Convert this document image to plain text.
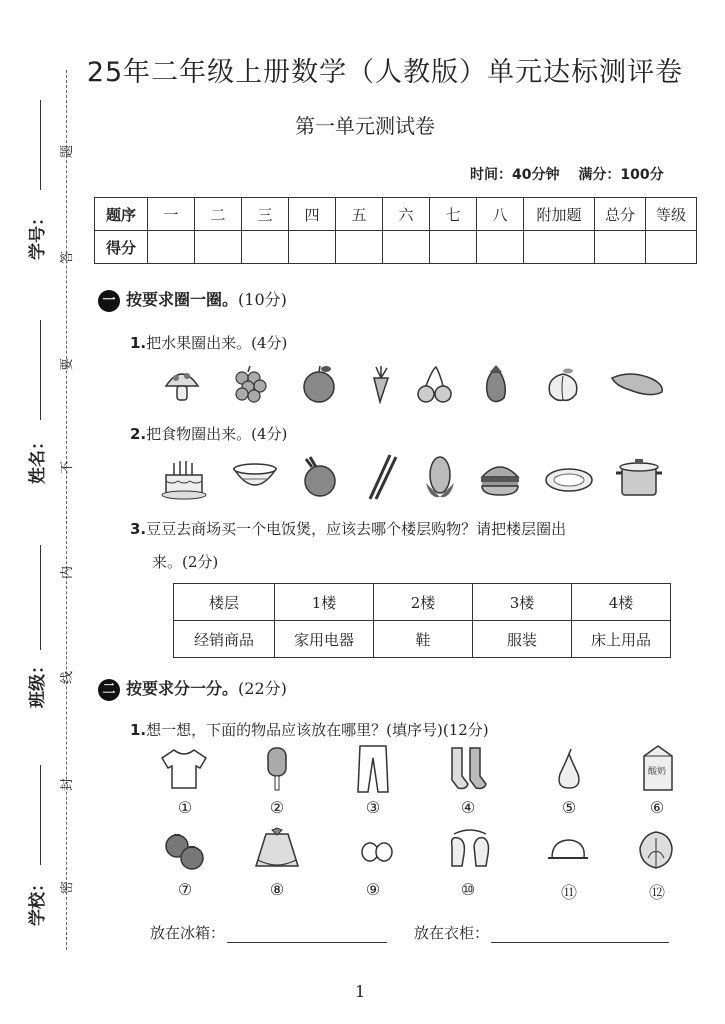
学号：
姓名：
班级：
学校：
题
答
要
不
内
线
封
密
25年二年级上册数学（人教版）单元达标测评卷
第一单元测试卷
时间：40分钟 满分：100分
题序	一	二	三	四	五	六	七	八	附加题	总分	等级
得分											
一 按要求圈一圈。(10分)
1.把水果圈出来。(4分)
2.把食物圈出来。(4分)
3.豆豆去商场买一个电饭煲，应该去哪个楼层购物？请把楼层圈出
来。(2分)
楼层	1楼	2楼	3楼	4楼
经销商品	家用电器	鞋	服装	床上用品
二 按要求分一分。(22分)
1.想一想，下面的物品应该放在哪里？(填序号)(12分)
酸奶
①	②	③	④	⑤	⑥
⑦	⑧	⑨	⑩	⑪	⑫
放在冰箱：	放在衣柜：
1
